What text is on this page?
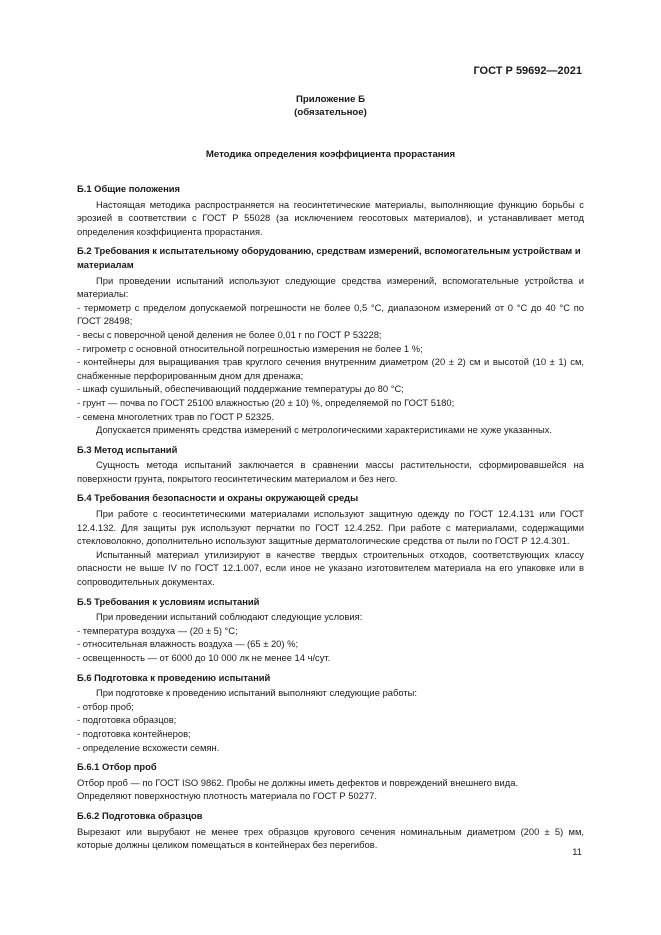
ГОСТ Р 59692—2021
Приложение Б
(обязательное)
Методика определения коэффициента прорастания
Б.1 Общие положения
Настоящая методика распространяется на геосинтетические материалы, выполняющие функцию борьбы с эрозией в соответствии с ГОСТ Р 55028 (за исключением геосотовых материалов), и устанавливает метод определения коэффициента прорастания.
Б.2 Требования к испытательному оборудованию, средствам измерений, вспомогательным устройствам и материалам
При проведении испытаний используют следующие средства измерений, вспомогательные устройства и материалы:
- термометр с пределом допускаемой погрешности не более 0,5 °C, диапазоном измерений от 0 °C до 40 °C по ГОСТ 28498;
- весы с поверочной ценой деления не более 0,01 г по ГОСТ Р 53228;
- гигрометр с основной относительной погрешностью измерения не более 1 %;
- контейнеры для выращивания трав круглого сечения внутренним диаметром (20 ± 2) см и высотой (10 ± 1) см, снабженные перфорированным дном для дренажа;
- шкаф сушильный, обеспечивающий поддержание температуры до 80 °C;
- грунт — почва по ГОСТ 25100 влажностью (20 ± 10) %, определяемой по ГОСТ 5180;
- семена многолетних трав по ГОСТ Р 52325.
Допускается применять средства измерений с метрологическими характеристиками не хуже указанных.
Б.3 Метод испытаний
Сущность метода испытаний заключается в сравнении массы растительности, сформировавшейся на поверхности грунта, покрытого геосинтетическим материалом и без него.
Б.4 Требования безопасности и охраны окружающей среды
При работе с геосинтетическими материалами используют защитную одежду по ГОСТ 12.4.131 или ГОСТ 12.4.132. Для защиты рук используют перчатки по ГОСТ 12.4.252. При работе с материалами, содержащими стекловолокно, дополнительно используют защитные дерматологические средства от пыли по ГОСТ Р 12.4.301.
Испытанный материал утилизируют в качестве твердых строительных отходов, соответствующих классу опасности не выше IV по ГОСТ 12.1.007, если иное не указано изготовителем материала на его упаковке или в сопроводительных документах.
Б.5 Требования к условиям испытаний
При проведении испытаний соблюдают следующие условия:
- температура воздуха — (20 ± 5) °C;
- относительная влажность воздуха — (65 ± 20) %;
- освещенность — от 6000 до 10 000 лк не менее 14 ч/сут.
Б.6 Подготовка к проведению испытаний
При подготовке к проведению испытаний выполняют следующие работы:
- отбор проб;
- подготовка образцов;
- подготовка контейнеров;
- определение всхожести семян.
Б.6.1 Отбор проб
Отбор проб — по ГОСТ ISO 9862. Пробы не должны иметь дефектов и повреждений внешнего вида.
Определяют поверхностную плотность материала по ГОСТ Р 50277.
Б.6.2 Подготовка образцов
Вырезают или вырубают не менее трех образцов кругового сечения номинальным диаметром (200 ± 5) мм, которые должны целиком помещаться в контейнерах без перегибов.
11
